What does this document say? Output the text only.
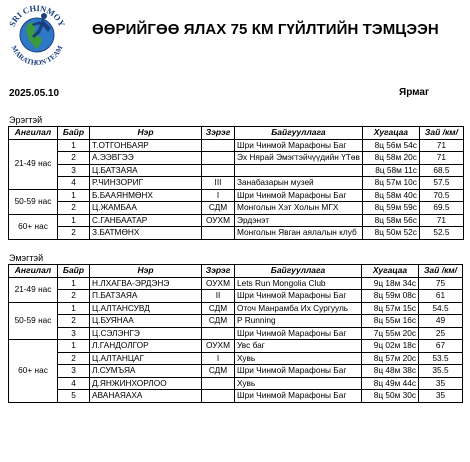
SRI CHINMOY
MARATHON TEAM
ӨӨРИЙГӨӨ ЯЛАХ 75 КМ ГҮЙЛТИЙН ТЭМЦЭЭН
2025.05.10	Ярмаг
Эрэгтэй
Ангилал	Байр	Нэр	Зэрэг	Байгууллага	Хугацаа	Зай /км/
21-49 нас	1	Т.ОТГОНБАЯР		Шри Чинмой Марафоны Баг	8ц 56м 54с	71
	2	А.ЭЭВГЭЭ		Эх Нярай Эмэгтэйчүүдийн ҮТөв	8ц 58м 20с	71
	3	Ц.БАТЗАЯА			8ц 58м 11с	68.5
	4	Р.ЧИНЗОРИГ	III	Занабазарын музей	8ц 57м 10с	57.5
50-59 нас	1	Б.БААЯНМӨНХ	I	Шри Чинмой Марафоны Баг	8ц 58м 40с	70.5
	2	Ц.ЖАМБАА	СДМ	Монголын Хэт Холын МГХ	8ц 59м 59с	69.5
60+ нас	1	С.ГАНБААТАР	ОУХМ	Эрдэнэт	8ц 58м 56с	71
	2	З.БАТМӨНХ		Монголын Явган аялалын клуб	8ц 50м 52с	52.5
Эмэгтэй
Ангилал	Байр	Нэр	Зэрэг	Байгууллага	Хугацаа	Зай /км/
21-49 нас	1	Н.ЛХАГВА-ЭРДЭНЭ	ОУХМ	Lets Run Mongolia Club	9ц 18м 34с	75
	2	П.БАТЗАЯА	II	Шри Чинмой Марафоны Баг	8ц 59м 08с	61
50-59 нас	1	Ц.АЛТАНСУВД	СДМ	Оточ Манрамба Их Сургууль	8ц 57м 15с	54.5
	2	Ц.БУЯНАА	СДМ	P Running	8ц 55м 16с	49
	3	Ц.СЭЛЭНГЭ		Шри Чинмой Марафоны Баг	7ц 55м 20с	25
60+ нас	1	Л.ГАНДОЛГОР	ОУХМ	Увс баг	9ц 02м 18с	67
	2	Ц.АЛТАНЦАГ	I	Хувь	8ц 57м 20с	53.5
	3	Л.СУМЪЯА	СДМ	Шри Чинмой Марафоны Баг	8ц 48м 38с	35.5
	4	Д.ЯНЖИНХОРЛОО		Хувь	8ц 49м 44с	35
	5	АВАНАЯАХА		Шри Чинмой Марафоны Баг	8ц 50м 30с	35
